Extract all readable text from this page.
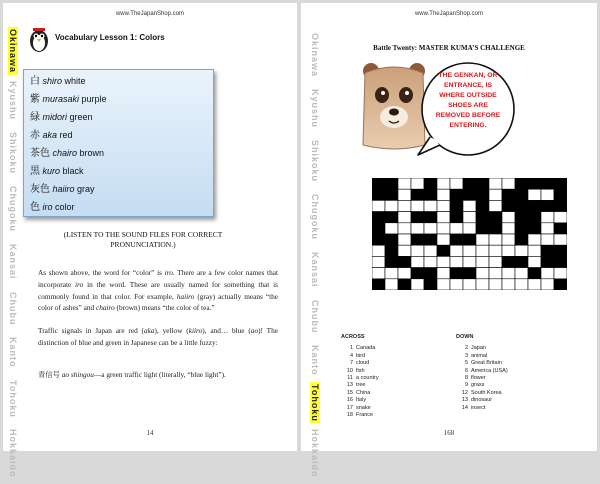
www.TheJapanShop.com
Okinawa
Kyushu
Shikoku
Chugoku
Kansai
Chubu
Kanto
Tohoku
Hokkaido
Vocabulary Lesson 1: Colors
白 shiro white
紫 murasaki purple
緑 midori green
赤 aka red
茶色 chairo brown
黒 kuro black
灰色 haiiro gray
色 iro color
(LISTEN TO THE SOUND FILES FOR CORRECT
PRONUNCIATION.)

As shown above, the word for “color” is iro. There are a few color names that incorporate iro in the word. These are usually named for something that is commonly found in that color. For example, haiiro (gray) actually means “the color of ashes” and chairo (brown) means “the color of tea.”

Traffic signals in Japan are red (aka), yellow (kiiro), and… blue (ao)! The distinction of blue and green in Japanese can be a little fuzzy:

青信号 ao shingou—a green traffic light (literally, “blue light”).

14
www.TheJapanShop.com
Okinawa
Kyushu
Shikoku
Chugoku
Kansai
Chubu
Kanto
Tohoku
Hokkaido
Battle Twenty: MASTER KUMA’S CHALLENGE
THE GENKAN, OR
ENTRANCE, IS
WHERE OUTSIDE
SHOES ARE
REMOVED BEFORE
ENTERING.
ACROSS
1 Canada
4 bird
7 cloud
10 fish
11 a country
13 tree
15 China
16 Italy
17 snake
18 France
DOWN
2 Japan
3 animal
5 Great Britain
6 America (USA)
8 flower
9 grass
12 South Korea
13 dinosaur
14 insect
168
